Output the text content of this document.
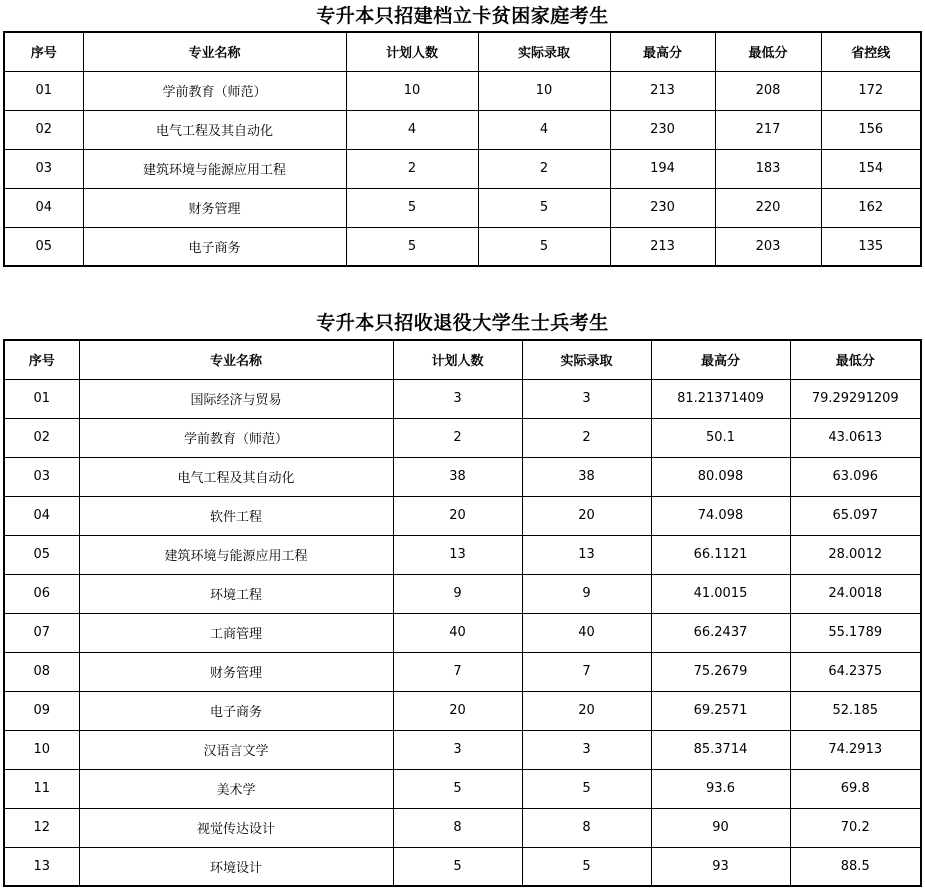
专升本只招建档立卡贫困家庭考生
序号	专业名称	计划人数	实际录取	最高分	最低分	省控线
01	学前教育（师范）	10	10	213	208	172
02	电气工程及其自动化	4	4	230	217	156
03	建筑环境与能源应用工程	2	2	194	183	154
04	财务管理	5	5	230	220	162
05	电子商务	5	5	213	203	135
专升本只招收退役大学生士兵考生
序号	专业名称	计划人数	实际录取	最高分	最低分
01	国际经济与贸易	3	3	81.21371409	79.29291209
02	学前教育（师范）	2	2	50.1	43.0613
03	电气工程及其自动化	38	38	80.098	63.096
04	软件工程	20	20	74.098	65.097
05	建筑环境与能源应用工程	13	13	66.1121	28.0012
06	环境工程	9	9	41.0015	24.0018
07	工商管理	40	40	66.2437	55.1789
08	财务管理	7	7	75.2679	64.2375
09	电子商务	20	20	69.2571	52.185
10	汉语言文学	3	3	85.3714	74.2913
11	美术学	5	5	93.6	69.8
12	视觉传达设计	8	8	90	70.2
13	环境设计	5	5	93	88.5
